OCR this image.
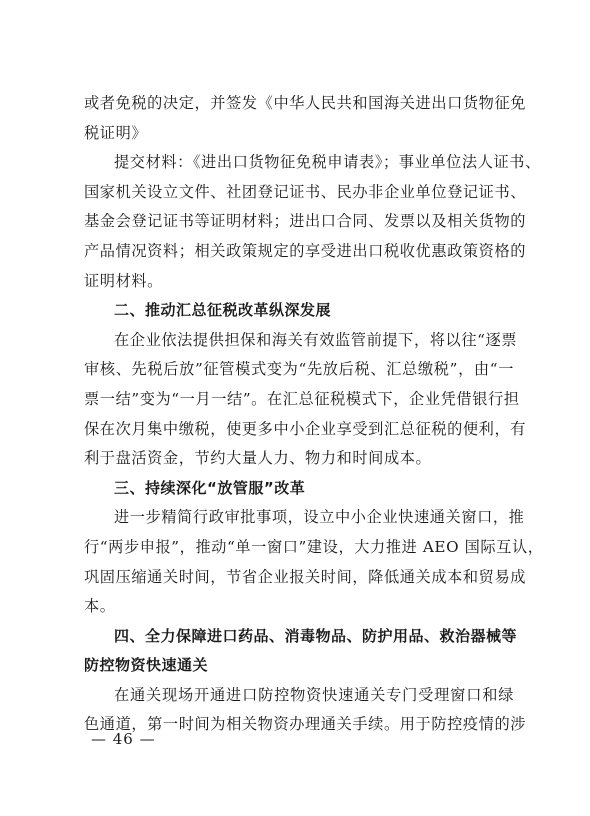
或者免税的决定，并签发《中华人民共和国海关进出口货物征免
税证明》
提交材料：《进出口货物征免税申请表》；事业单位法人证书、
国家机关设立文件、社团登记证书、民办非企业单位登记证书、
基金会登记证书等证明材料；进出口合同、发票以及相关货物的
产品情况资料；相关政策规定的享受进出口税收优惠政策资格的
证明材料。
二、推动汇总征税改革纵深发展
在企业依法提供担保和海关有效监管前提下，将以往“逐票
审核、先税后放”征管模式变为“先放后税、汇总缴税”，由“一
票一结”变为“一月一结”。在汇总征税模式下，企业凭借银行担
保在次月集中缴税，使更多中小企业享受到汇总征税的便利，有
利于盘活资金，节约大量人力、物力和时间成本。
三、持续深化“放管服”改革
进一步精简行政审批事项，设立中小企业快速通关窗口，推
行“两步申报”，推动“单一窗口”建设，大力推进 AEO 国际互认，
巩固压缩通关时间，节省企业报关时间，降低通关成本和贸易成
本。
四、全力保障进口药品、消毒物品、防护用品、救治器械等
防控物资快速通关
在通关现场开通进口防控物资快速通关专门受理窗口和绿
色通道，第一时间为相关物资办理通关手续。用于防控疫情的涉
— 46 —
